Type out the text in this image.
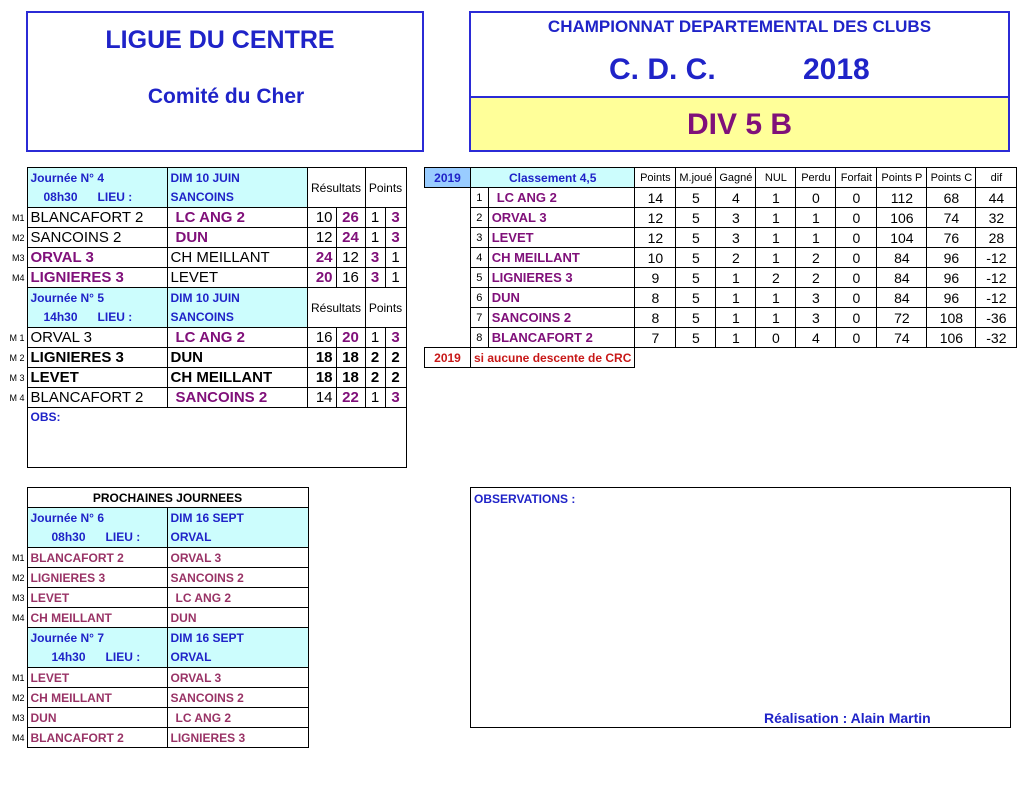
LIGUE DU CENTRE
Comité du Cher
CHAMPIONNAT DEPARTEMENTAL DES CLUBS
C. D. C.	2018
DIV 5 B
	Journée N° 4	DIM 10 JUIN	Résultats		Points	
	08h30 LIEU :	SANCOINS				
M1	BLANCAFORT 2	LC ANG 2	10	26	1	3
M2	SANCOINS 2	DUN	12	24	1	3
M3	ORVAL 3	CH MEILLANT	24	12	3	1
M4	LIGNIERES 3	LEVET	20	16	3	1
	Journée N° 5	DIM 10 JUIN	Résultats		Points	
	14h30 LIEU :	SANCOINS				
M 1	ORVAL 3	LC ANG 2	16	20	1	3
M 2	LIGNIERES 3	DUN	18	18	2	2
M 3	LEVET	CH MEILLANT	18	18	2	2
M 4	BLANCAFORT 2	SANCOINS 2	14	22	1	3
	OBS:					
2019	Classement 4,5		Points	M.joué	Gagné	NUL	Perdu	Forfait	Points P	Points C	dif
	1	LC ANG 2	14	5	4	1	0	0	112	68	44
	2	ORVAL 3	12	5	3	1	1	0	106	74	32
	3	LEVET	12	5	3	1	1	0	104	76	28
	4	CH MEILLANT	10	5	2	1	2	0	84	96	-12
	5	LIGNIERES 3	9	5	1	2	2	0	84	96	-12
	6	DUN	8	5	1	1	3	0	84	96	-12
	7	SANCOINS 2	8	5	1	1	3	0	72	108	-36
	8	BLANCAFORT 2	7	5	1	0	4	0	74	106	-32
2019	si aucune descente de CRC										
	PROCHAINES JOURNEES	
	Journée N° 6	DIM 16 SEPT
	08h30 LIEU :	ORVAL
M1	BLANCAFORT 2	ORVAL 3
M2	LIGNIERES 3	SANCOINS 2
M3	LEVET	LC ANG 2
M4	CH MEILLANT	DUN
	Journée N° 7	DIM 16 SEPT
	14h30 LIEU :	ORVAL
M1	LEVET	ORVAL 3
M2	CH MEILLANT	SANCOINS 2
M3	DUN	LC ANG 2
M4	BLANCAFORT 2	LIGNIERES 3
OBSERVATIONS :
Réalisation : Alain Martin
